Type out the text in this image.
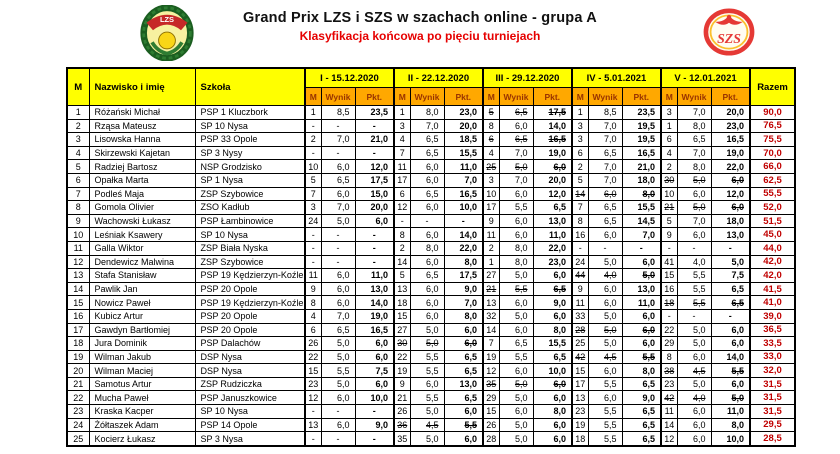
LZS	Grand Prix LZS i SZS w szachach online - grupa A
Klasyfikacja końcowa po pięciu turniejach	SZS
M	Nazwisko i imię	Szkoła	I - 15.12.2020			II - 22.12.2020			III - 29.12.2020			IV - 5.01.2021			V - 12.01.2021			Razem
			M	Wynik	Pkt.	M	Wynik	Pkt.	M	Wynik	Pkt.	M	Wynik	Pkt.	M	Wynik	Pkt.	
1	Różański Michał	PSP 1 Kluczbork	1	8,5	23,5	1	8,0	23,0	5	6,5	17,5	1	8,5	23,5	3	7,0	20,0	90,0
2	Rząsa Mateusz	SP 10 Nysa	-	-	-	3	7,0	20,0	8	6,0	14,0	3	7,0	19,5	1	8,0	23,0	76,5
3	Lisowska Hanna	PSP 33 Opole	2	7,0	21,0	4	6,5	18,5	6	6,5	16,5	3	7,0	19,5	6	6,5	16,5	75,5
4	Skirzewski Kajetan	SP 3 Nysy	-	-	-	7	6,5	15,5	4	7,0	19,0	6	6,5	16,5	4	7,0	19,0	70,0
5	Radziej Bartosz	NSP Grodzisko	10	6,0	12,0	11	6,0	11,0	25	5,0	6,0	2	7,0	21,0	2	8,0	22,0	66,0
6	Opałka Marta	SP 1 Nysa	5	6,5	17,5	17	6,0	7,0	3	7,0	20,0	5	7,0	18,0	30	5,0	6,0	62,5
7	Podleś Maja	ZSP Szybowice	7	6,0	15,0	6	6,5	16,5	10	6,0	12,0	14	6,0	8,0	10	6,0	12,0	55,5
8	Gomola Olivier	ZSO Kadłub	3	7,0	20,0	12	6,0	10,0	17	5,5	6,5	7	6,5	15,5	21	5,0	6,0	52,0
9	Wachowski Łukasz	PSP Łambinowice	24	5,0	6,0	-	-	-	9	6,0	13,0	8	6,5	14,5	5	7,0	18,0	51,5
10	Leśniak Ksawery	SP 10 Nysa	-	-	-	8	6,0	14,0	11	6,0	11,0	16	6,0	7,0	9	6,0	13,0	45,0
11	Galla Wiktor	ZSP Biała Nyska	-	-	-	2	8,0	22,0	2	8,0	22,0	-	-	-	-	-	-	44,0
12	Dendewicz Malwina	ZSP Szybowice	-	-	-	14	6,0	8,0	1	8,0	23,0	24	5,0	6,0	41	4,0	5,0	42,0
13	Stafa Stanisław	PSP 19 Kędzierzyn-Koźle	11	6,0	11,0	5	6,5	17,5	27	5,0	6,0	44	4,0	5,0	15	5,5	7,5	42,0
14	Pawlik Jan	PSP 20 Opole	9	6,0	13,0	13	6,0	9,0	21	5,5	6,5	9	6,0	13,0	16	5,5	6,5	41,5
15	Nowicz Paweł	PSP 19 Kędzierzyn-Koźle	8	6,0	14,0	18	6,0	7,0	13	6,0	9,0	11	6,0	11,0	18	5,5	6,5	41,0
16	Kubicz Artur	PSP 20 Opole	4	7,0	19,0	15	6,0	8,0	32	5,0	6,0	33	5,0	6,0	-	-	-	39,0
17	Gawdyn Bartłomiej	PSP 20 Opole	6	6,5	16,5	27	5,0	6,0	14	6,0	8,0	28	5,0	6,0	22	5,0	6,0	36,5
18	Jura Dominik	PSP Dalachów	26	5,0	6,0	30	5,0	6,0	7	6,5	15,5	25	5,0	6,0	29	5,0	6,0	33,5
19	Wilman Jakub	DSP Nysa	22	5,0	6,0	22	5,5	6,5	19	5,5	6,5	42	4,5	5,5	8	6,0	14,0	33,0
20	Wilman Maciej	DSP Nysa	15	5,5	7,5	19	5,5	6,5	12	6,0	10,0	15	6,0	8,0	38	4,5	5,5	32,0
21	Samotus Artur	ZSP Rudziczka	23	5,0	6,0	9	6,0	13,0	35	5,0	6,0	17	5,5	6,5	23	5,0	6,0	31,5
22	Mucha Paweł	PSP Januszkowice	12	6,0	10,0	21	5,5	6,5	29	5,0	6,0	13	6,0	9,0	42	4,0	5,0	31,5
23	Kraska Kacper	SP 10 Nysa	-	-	-	26	5,0	6,0	15	6,0	8,0	23	5,5	6,5	11	6,0	11,0	31,5
24	Żółtaszek Adam	PSP 14 Opole	13	6,0	9,0	36	4,5	5,5	26	5,0	6,0	19	5,5	6,5	14	6,0	8,0	29,5
25	Kocierz Łukasz	SP 3 Nysa	-	-	-	35	5,0	6,0	28	5,0	6,0	18	5,5	6,5	12	6,0	10,0	28,5
